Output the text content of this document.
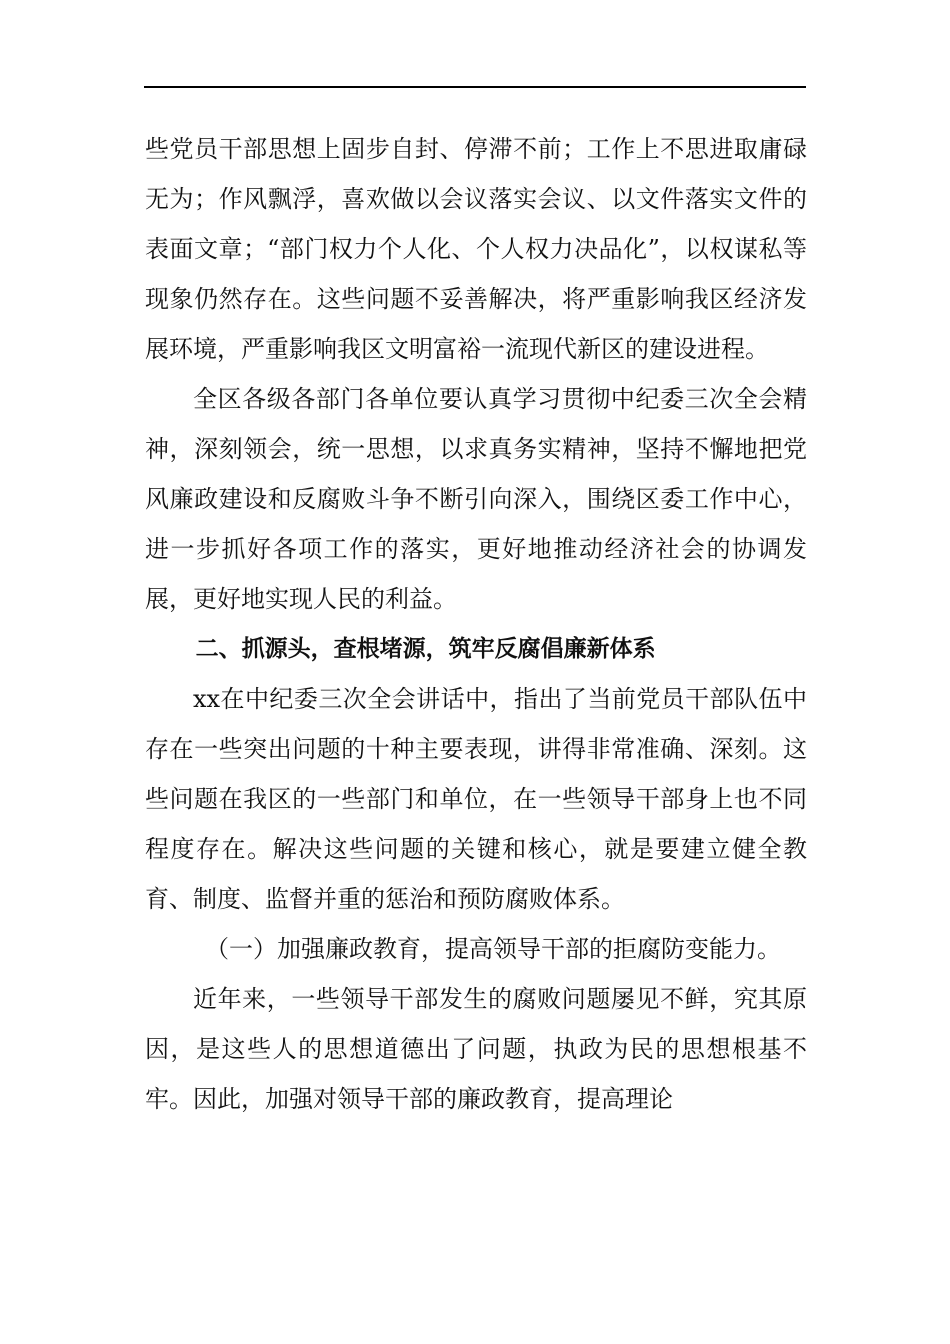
些党员干部思想上固步自封、停滞不前；工作上不思进取庸碌无为；作风飘浮，喜欢做以会议落实会议、以文件落实文件的表面文章；“部门权力个人化、个人权力决品化”，以权谋私等现象仍然存在。这些问题不妥善解决，将严重影响我区经济发展环境，严重影响我区文明富裕一流现代新区的建设进程。

全区各级各部门各单位要认真学习贯彻中纪委三次全会精神，深刻领会，统一思想，以求真务实精神，坚持不懈地把党风廉政建设和反腐败斗争不断引向深入，围绕区委工作中心，进一步抓好各项工作的落实，更好地推动经济社会的协调发展，更好地实现人民的利益。

二、抓源头，查根堵源，筑牢反腐倡廉新体系

xx在中纪委三次全会讲话中，指出了当前党员干部队伍中存在一些突出问题的十种主要表现，讲得非常准确、深刻。这些问题在我区的一些部门和单位，在一些领导干部身上也不同程度存在。解决这些问题的关键和核心，就是要建立健全教育、制度、监督并重的惩治和预防腐败体系。

（一）加强廉政教育，提高领导干部的拒腐防变能力。

近年来，一些领导干部发生的腐败问题屡见不鲜，究其原因，是这些人的思想道德出了问题，执政为民的思想根基不牢。因此，加强对领导干部的廉政教育，提高理论
